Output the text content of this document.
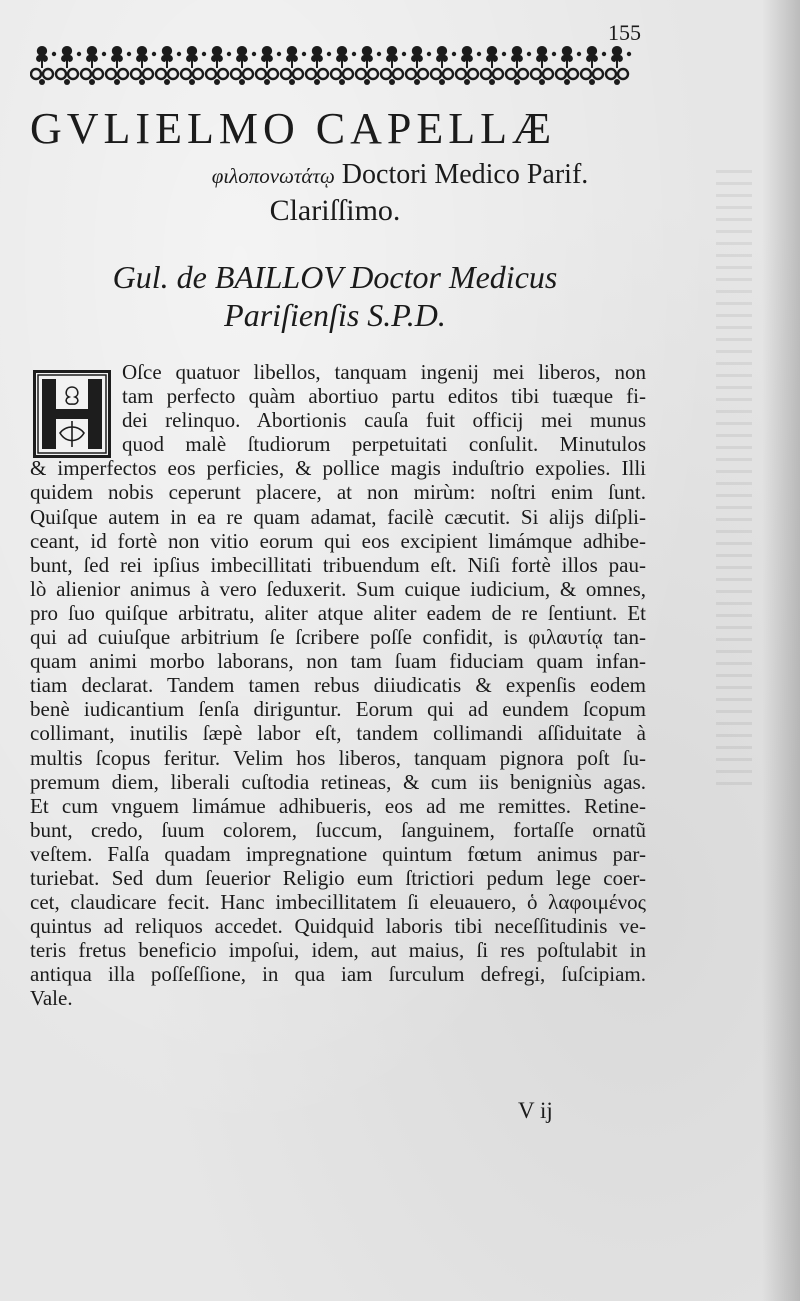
155
GVLIELMO CAPELLÆ
φιλοπονωτάτῳ Doctori Medico Parif.
Clariſſimo.
Gul. de BAILLOV Doctor Medicus
Pariſienſis S.P.D.
Oſce quatuor libellos, tanquam ingenij mei liberos, non
tam perfecto quàm abortiuo partu editos tibi tuæque fi-
dei relinquo. Abortionis cauſa fuit officij mei munus
quod malè ſtudiorum perpetuitati conſulit. Minutulos
& imperfectos eos perficies, & pollice magis induſtrio expolies. Illi
quidem nobis ceperunt placere, at non mirùm: noſtri enim ſunt.
Quiſque autem in ea re quam adamat, facilè cæcutit. Si alijs diſpli-
ceant, id fortè non vitio eorum qui eos excipient limámque adhibe-
bunt, ſed rei ipſius imbecillitati tribuendum eſt. Niſi fortè illos pau-
lò alienior animus à vero ſeduxerit. Sum cuique iudicium, & omnes,
pro ſuo quiſque arbitratu, aliter atque aliter eadem de re ſentiunt. Et
qui ad cuiuſque arbitrium ſe ſcribere poſſe confidit, is φιλαυτίᾳ tan-
quam animi morbo laborans, non tam ſuam fiduciam quam infan-
tiam declarat. Tandem tamen rebus diiudicatis & expenſis eodem
benè iudicantium ſenſa diriguntur. Eorum qui ad eundem ſcopum
collimant, inutilis ſæpè labor eſt, tandem collimandi aſſiduitate à
multis ſcopus feritur. Velim hos liberos, tanquam pignora poſt ſu-
premum diem, liberali cuſtodia retineas, & cum iis benigniùs agas.
Et cum vnguem limámue adhibueris, eos ad me remittes. Retine-
bunt, credo, ſuum colorem, ſuccum, ſanguinem, fortaſſe ornatũ
veſtem. Falſa quadam impregnatione quintum fœtum animus par-
turiebat. Sed dum ſeuerior Religio eum ſtrictiori pedum lege coer-
cet, claudicare fecit. Hanc imbecillitatem ſi eleuauero, ὁ λαφοιμένος
quintus ad reliquos accedet. Quidquid laboris tibi neceſſitudinis ve-
teris fretus beneficio impoſui, idem, aut maius, ſi res poſtulabit in
antiqua illa poſſeſſione, in qua iam ſurculum defregi, ſuſcipiam.
Vale.
V ij
